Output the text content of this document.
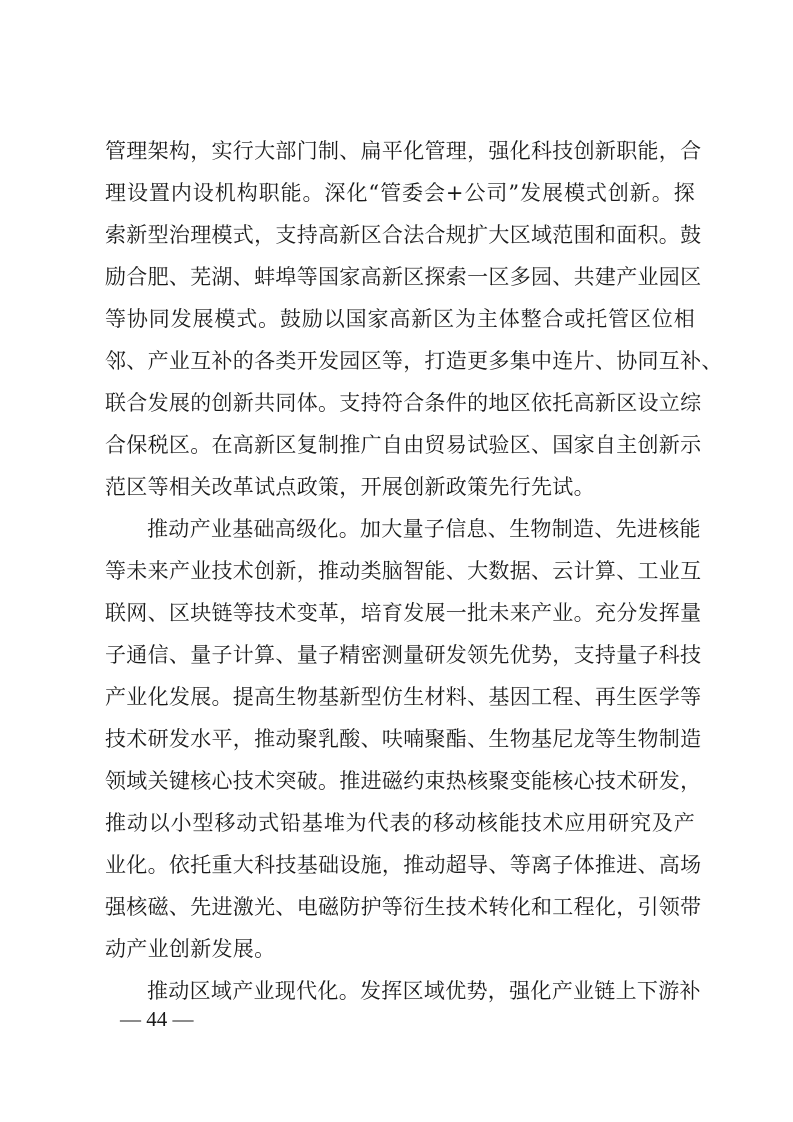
管理架构，实行大部门制、扁平化管理，强化科技创新职能，合
理设置内设机构职能。深化“管委会+公司”发展模式创新。探
索新型治理模式，支持高新区合法合规扩大区域范围和面积。鼓
励合肥、芜湖、蚌埠等国家高新区探索一区多园、共建产业园区
等协同发展模式。鼓励以国家高新区为主体整合或托管区位相
邻、产业互补的各类开发园区等，打造更多集中连片、协同互补、
联合发展的创新共同体。支持符合条件的地区依托高新区设立综
合保税区。在高新区复制推广自由贸易试验区、国家自主创新示
范区等相关改革试点政策，开展创新政策先行先试。
推动产业基础高级化。加大量子信息、生物制造、先进核能
等未来产业技术创新，推动类脑智能、大数据、云计算、工业互
联网、区块链等技术变革，培育发展一批未来产业。充分发挥量
子通信、量子计算、量子精密测量研发领先优势，支持量子科技
产业化发展。提高生物基新型仿生材料、基因工程、再生医学等
技术研发水平，推动聚乳酸、呋喃聚酯、生物基尼龙等生物制造
领域关键核心技术突破。推进磁约束热核聚变能核心技术研发，
推动以小型移动式铅基堆为代表的移动核能技术应用研究及产
业化。依托重大科技基础设施，推动超导、等离子体推进、高场
强核磁、先进激光、电磁防护等衍生技术转化和工程化，引领带
动产业创新发展。
推动区域产业现代化。发挥区域优势，强化产业链上下游补
— 44 —
